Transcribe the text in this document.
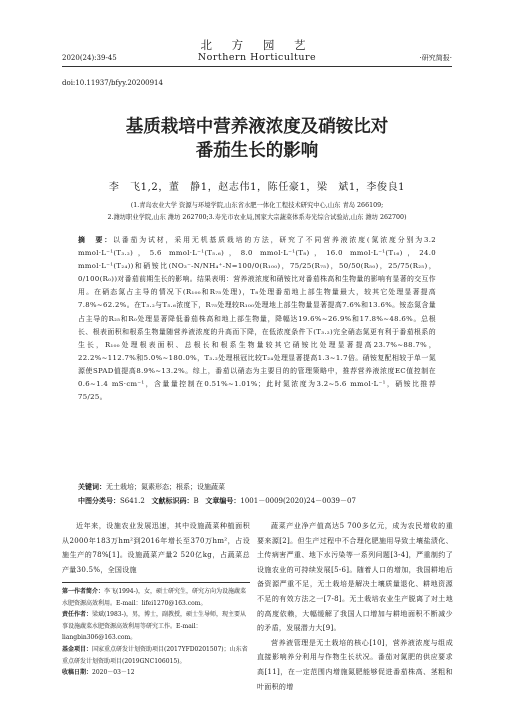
北 方 园 艺
2020(24):39-45	Northern Horticulture	·研究简报·
doi:10.11937/bfyy.20200914
基质栽培中营养液浓度及硝铵比对
番茄生长的影响
李　飞1,2，董　静1，赵志伟1，陈任豪1，梁　斌1，李俊良1
(1.青岛农业大学 资源与环境学院,山东省水肥一体化工程技术研究中心,山东 青岛 266109;
2.潍坊职业学院,山东 潍坊 262700;3.寿光市农业局,国家大宗蔬菜体系寿光综合试验站,山东 潍坊 262700)
摘　要：以番茄为试材，采用无机基质栽培的方法，研究了不同营养液浓度(氮浓度分别为3.2 mmol·L⁻¹(T₃.₂)，5.6 mmol·L⁻¹(T₅.₆)，8.0 mmol·L⁻¹(T₈)，16.0 mmol·L⁻¹(T₁₆)，24.0 mmol·L⁻¹(T₂₄))和硝铵比(NO₃⁻-N/NH₄⁺-N=100/0(R₁₀₀)，75/25(R₇₅)，50/50(R₅₀)，25/75(R₂₅)，0/100(R₀))对番茄前期生长的影响。结果表明：营养液浓度和硝铵比对番茄株高和生物量的影响有显著的交互作用。在硝态氮占主导的情况下(R₁₀₀和R₇₅处理)，T₈处理番茄地上部生物量最大，较其它处理显著提高7.8%~62.2%。在T₃.₂与T₅.₆浓度下，R₇₅处理较R₁₀₀处理地上部生物量显著提高7.6%和13.6%。铵态氮含量占主导的R₂₅和R₀处理显著降低番茄株高和地上部生物量，降幅达19.6%~26.9%和17.8%~48.6%。总根长、根表面积和根系生物量随营养液浓度的升高而下降，在低浓度条件下(T₃.₂)完全硝态氮更有利于番茄根系的生长，R₁₀₀处理根表面积、总根长和根系生物量较其它硝铵比处理显著提高23.7%~88.7%，22.2%~112.7%和5.0%~180.0%，T₃.₂处理根冠比较T₂₄处理显著提高1.3~1.7倍。硝铵复配相较于单一氮源使SPAD值提高8.9%~13.2%。综上，番茄以硝态为主要目的的管理策略中，推荐营养液浓度EC值控制在0.6~1.4 mS·cm⁻¹，含量量控制在0.51%~1.01%；此时氮浓度为3.2~5.6 mmol·L⁻¹，硝铵比推荐75/25。
关键词：无土栽培；氮素形态；根系；设施蔬菜
中图分类号：S641.2 文献标识码：B 文章编号：1001－0009(2020)24－0039－07

近年来，设施农业发展迅速，其中设施蔬菜种植面积从2000年183万hm²到2016年增长至370万hm²，占设施生产的78%[1]。设施蔬菜产量2 520亿kg，占蔬菜总产量30.5%，全国设施

第一作者简介：李飞(1994-)，女，硕士研究生，研究方向为设施蔬菜水肥资源高效利用。E-mail：lifei1270@163.com。
责任作者：梁斌(1983-)，男，博士，副教授，硕士生导师，现主要从事设施蔬菜水肥资源高效利用等研究工作。E-mail：liangbin306@163.com。
基金项目：国家重点研发计划资助项目(2017YFD0201507)；山东省重点研发计划资助项目(2019GNC106015)。
收稿日期：2020－03－12

蔬菜产业净产值高达5 700多亿元，成为农民增收的重要来源[2]。但生产过程中不合理化肥施用导致土壤盐渍化、土传病害严重、地下水污染等一系列问题[3-4]，严重制约了设施农业的可持续发展[5-6]。随着人口的增加，我国耕地后备资源严重不足，无土栽培是解决土壤质量退化、耕地资源不足的有效方法之一[7-8]。无土栽培农业生产脱离了对土地的高度依赖，大幅缓解了我国人口增加与耕地面积不断减少的矛盾，发展潜力大[9]。

营养液管理是无土栽培的核心[10]，营养液浓度与组成直接影响养分利用与作物生长状况。番茄对氮肥的供应要求高[11]，在一定范围内增施氮肥能够促进番茄株高、茎粗和叶面积的增
